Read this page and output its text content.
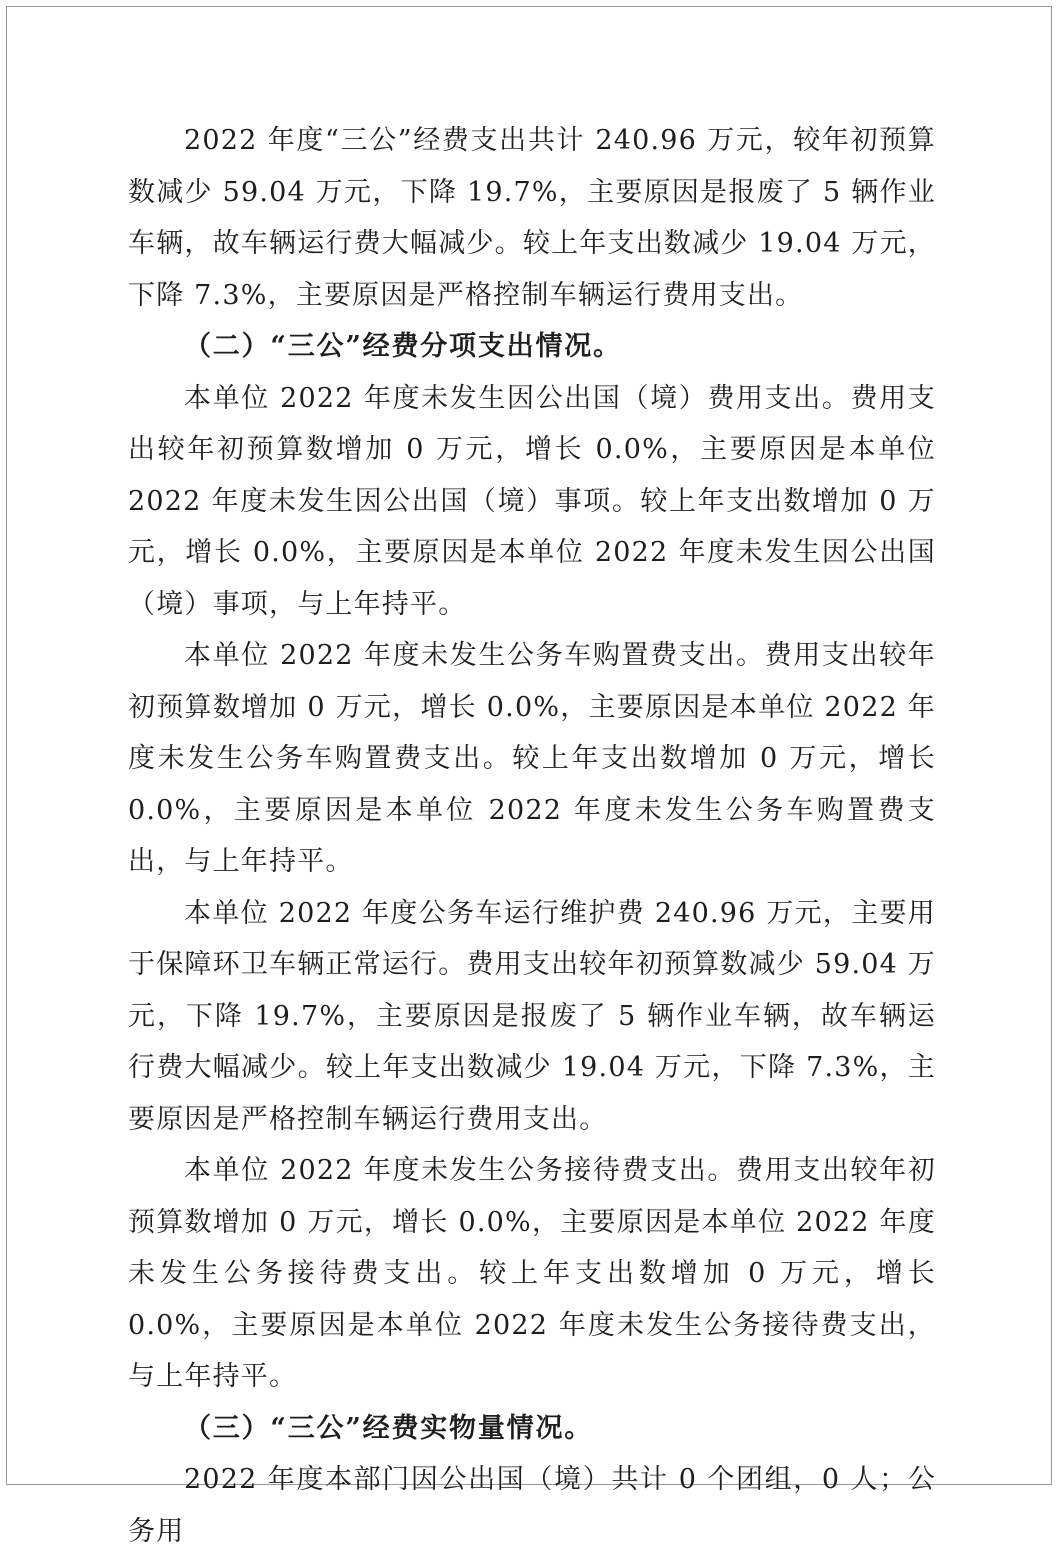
2022 年度“三公”经费支出共计 240.96 万元，较年初预算数减少 59.04 万元，下降 19.7%，主要原因是报废了 5 辆作业车辆，故车辆运行费大幅减少。较上年支出数减少 19.04 万元，下降 7.3%，主要原因是严格控制车辆运行费用支出。

（二）“三公”经费分项支出情况。

本单位 2022 年度未发生因公出国（境）费用支出。费用支出较年初预算数增加 0 万元，增长 0.0%，主要原因是本单位 2022 年度未发生因公出国（境）事项。较上年支出数增加 0 万元，增长 0.0%，主要原因是本单位 2022 年度未发生因公出国（境）事项，与上年持平。

本单位 2022 年度未发生公务车购置费支出。费用支出较年初预算数增加 0 万元，增长 0.0%，主要原因是本单位 2022 年度未发生公务车购置费支出。较上年支出数增加 0 万元，增长 0.0%，主要原因是本单位 2022 年度未发生公务车购置费支出，与上年持平。

本单位 2022 年度公务车运行维护费 240.96 万元，主要用于保障环卫车辆正常运行。费用支出较年初预算数减少 59.04 万元，下降 19.7%，主要原因是报废了 5 辆作业车辆，故车辆运行费大幅减少。较上年支出数减少 19.04 万元，下降 7.3%，主要原因是严格控制车辆运行费用支出。

本单位 2022 年度未发生公务接待费支出。费用支出较年初预算数增加 0 万元，增长 0.0%，主要原因是本单位 2022 年度未发生公务接待费支出。较上年支出数增加 0 万元，增长 0.0%，主要原因是本单位 2022 年度未发生公务接待费支出，与上年持平。

（三）“三公”经费实物量情况。

2022 年度本部门因公出国（境）共计 0 个团组，0 人；公务用
